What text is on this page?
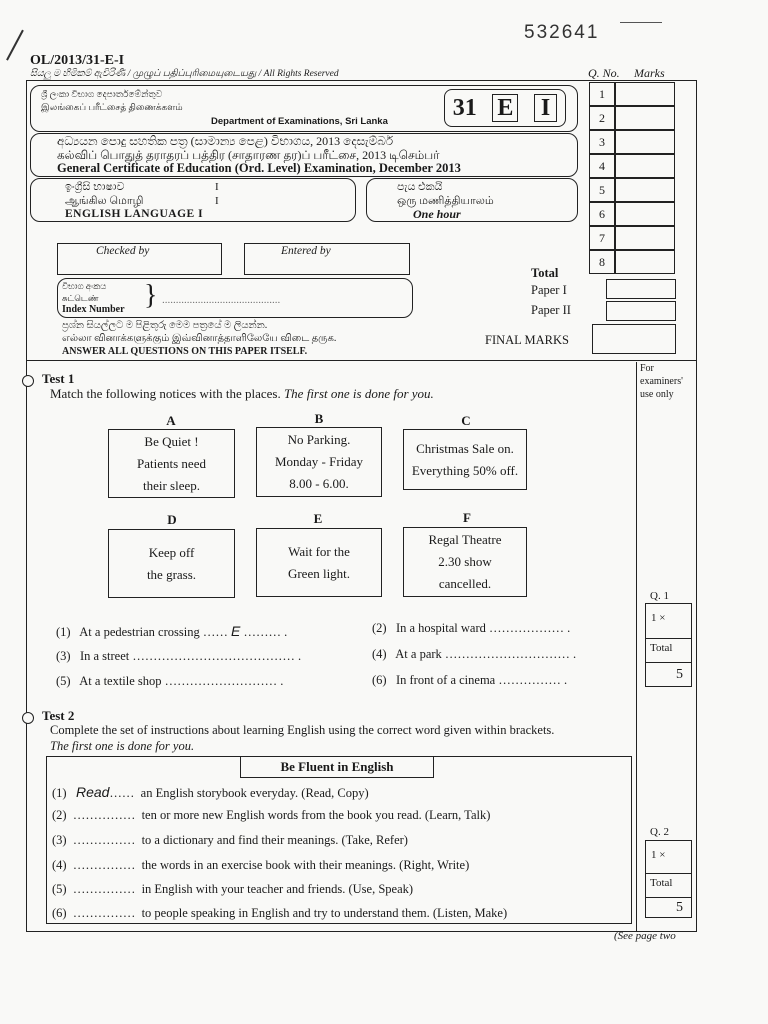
532641
OL/2013/31-E-I
සියලු ම හිමිකම් ඇවිරිණි / முழுப் பதிப்புரிமையுடையது / All Rights Reserved	Q. No. Marks
ශ්‍රී ලංකා විභාග දෙපාර්තමේන්තුව
இலங்கைப் பரீட்சைத் திணைக்களம்
Department of Examinations, Sri Lanka
31 E I
අධ්‍යයන පොදු සහතික පත්‍ර (සාමාන්‍ය පෙළ) විභාගය, 2013 දෙසැම්බර්
கல்விப் பொதுத் தராதரப் பத்திர (சாதாரண தர)ப் பரீட்சை, 2013 டிசெம்பர்
General Certificate of Education (Ord. Level) Examination, December 2013
ඉංග්‍රීසි භාෂාව
ஆங்கில மொழி
ENGLISH LANGUAGE I
I
I
පැය එකයි
ஒரு மணித்தியாலம்
One hour
1
2
3
4
5
6
7
8
Checked by	Entered by
විභාග අංකය
சுட்டெண்
Index Number }
...........................................
Total
Paper I
Paper II
FINAL MARKS
ප්‍රශ්න සියල්ලට ම පිළිතුරු මෙම පත්‍රයේ ම ලියන්න.
எல்லா வினாக்களுக்கும் இவ்வினாத்தாளிலேயே விடை தருக.
ANSWER ALL QUESTIONS ON THIS PAPER ITSELF.
For examiners' use only
Test 1
Match the following notices with the places. The first one is done for you.
A
Be Quiet !
Patients need
their sleep.
B
No Parking.
Monday - Friday
8.00 - 6.00.
C
Christmas Sale on.
Everything 50% off.
D
Keep off
the grass.
E
Wait for the
Green light.
F
Regal Theatre
2.30 show
cancelled.
(1) At a pedestrian crossing …… E ……… .	(2) In a hospital ward ……………… .
(3) In a street ………………………………… .	(4) At a park ………………………… .
(5) At a textile shop ……………………… .	(6) In front of a cinema …………… .
Q. 1
1 ×
Total
5
Test 2
Complete the set of instructions about learning English using the correct word given within brackets.
The first one is done for you.
Be Fluent in English
(1) Read……  an English storybook everyday. (Read, Copy)
(2)  ……………  ten or more new English words from the book you read. (Learn, Talk)
(3)  ……………  to a dictionary and find their meanings. (Take, Refer)
(4)  ……………  the words in an exercise book with their meanings. (Right, Write)
(5)  ……………  in English with your teacher and friends. (Use, Speak)
(6)  ……………  to people speaking in English and try to understand them. (Listen, Make)
Q. 2
1 ×
Total
5
(See page two
